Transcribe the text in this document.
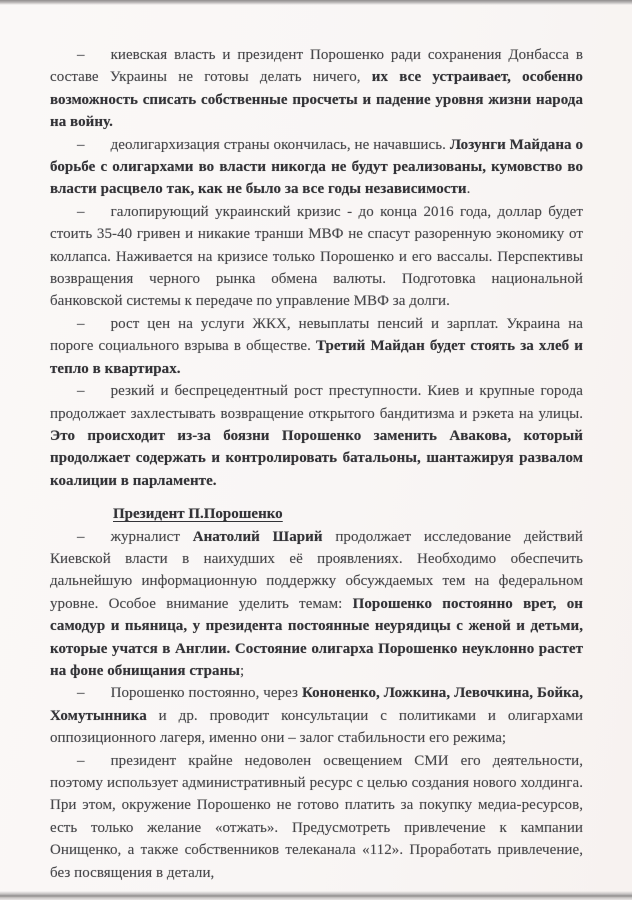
– киевская власть и президент Порошенко ради сохранения Донбасса в составе Украины не готовы делать ничего, их все устраивает, особенно возможность списать собственные просчеты и падение уровня жизни народа на войну.

– деолигархизация страны окончилась, не начавшись. Лозунги Майдана о борьбе с олигархами во власти никогда не будут реализованы, кумовство во власти расцвело так, как не было за все годы независимости.

– галопирующий украинский кризис - до конца 2016 года, доллар будет стоить 35-40 гривен и никакие транши МВФ не спасут разоренную экономику от коллапса. Наживается на кризисе только Порошенко и его вассалы. Перспективы возвращения черного рынка обмена валюты. Подготовка национальной банковской системы к передаче по управление МВФ за долги.

– рост цен на услуги ЖКХ, невыплаты пенсий и зарплат. Украина на пороге социального взрыва в обществе. Третий Майдан будет стоять за хлеб и тепло в квартирах.

– резкий и беспрецедентный рост преступности. Киев и крупные города продолжает захлестывать возвращение открытого бандитизма и рэкета на улицы. Это происходит из-за боязни Порошенко заменить Авакова, который продолжает содержать и контролировать батальоны, шантажируя развалом коалиции в парламенте.

Президент П.Порошенко

– журналист Анатолий Шарий продолжает исследование действий Киевской власти в наихудших её проявлениях. Необходимо обеспечить дальнейшую информационную поддержку обсуждаемых тем на федеральном уровне. Особое внимание уделить темам: Порошенко постоянно врет, он самодур и пьяница, у президента постоянные неурядицы с женой и детьми, которые учатся в Англии. Состояние олигарха Порошенко неуклонно растет на фоне обнищания страны;

– Порошенко постоянно, через Кононенко, Ложкина, Левочкина, Бойка, Хомутынника и др. проводит консультации с политиками и олигархами оппозиционного лагеря, именно они – залог стабильности его режима;

– президент крайне недоволен освещением СМИ его деятельности, поэтому использует административный ресурс с целью создания нового холдинга. При этом, окружение Порошенко не готово платить за покупку медиа-ресурсов, есть только желание «отжать». Предусмотреть привлечение к кампании Онищенко, а также собственников телеканала «112». Проработать привлечение, без посвящения в детали,
